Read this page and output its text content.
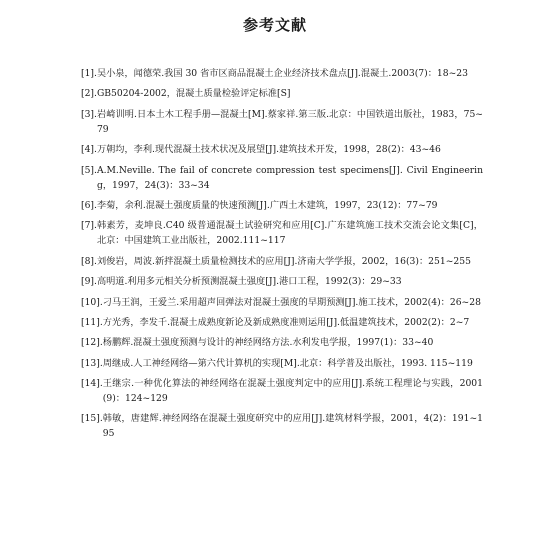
参考文献
[1]. 吴小泉，闻德荣.我国 30 省市区商品混凝土企业经济技术盘点[J].混凝土.2003(7)：18~23
[2]. GB50204-2002，混凝土质量检验评定标准[S]
[3]. 岩崎训明.日本土木工程手册—混凝土[M].蔡家祥.第三版.北京：中国铁道出版社，1983，75~79
[4]. 万朝均，李利.现代混凝土技术状况及展望[J].建筑技术开发，1998，28(2)：43~46
[5]. A.M.Neville. The fail of concrete compression test specimens[J]. Civil Engineering，1997，24(3)：33~34
[6]. 李菊，余利.混凝土强度质量的快速预测[J].广西土木建筑，1997，23(12)：77~79
[7]. 韩素芳，麦坤良.C40 级普通混凝土试验研究和应用[C].广东建筑施工技术交流会论文集[C]，北京：中国建筑工业出版社，2002.111~117
[8]. 刘俊岩，周波.新拌混凝土质量检测技术的应用[J].济南大学学报，2002，16(3)：251~255
[9]. 高明道.利用多元相关分析预测混凝土强度[J].港口工程，1992(3)：29~33
[10]. 刁马王润，王爱兰.采用超声回弹法对混凝土强度的早期预测[J].施工技术，2002(4)：26~28
[11]. 方光秀，李发千.混凝土成熟度新论及新成熟度准则运用[J].低温建筑技术，2002(2)：2~7
[12]. 杨鹏辉.混凝土强度预测与设计的神经网络方法.水利发电学报，1997(1)：33~40
[13]. 周继成.人工神经网络—第六代计算机的实现[M].北京：科学普及出版社，1993. 115~119
[14]. 王继宗.一种优化算法的神经网络在混凝土强度判定中的应用[J].系统工程理论与实践，2001(9)：124~129
[15]. 韩敏，唐建辉.神经网络在混凝土强度研究中的应用[J].建筑材料学报，2001，4(2)：191~195
